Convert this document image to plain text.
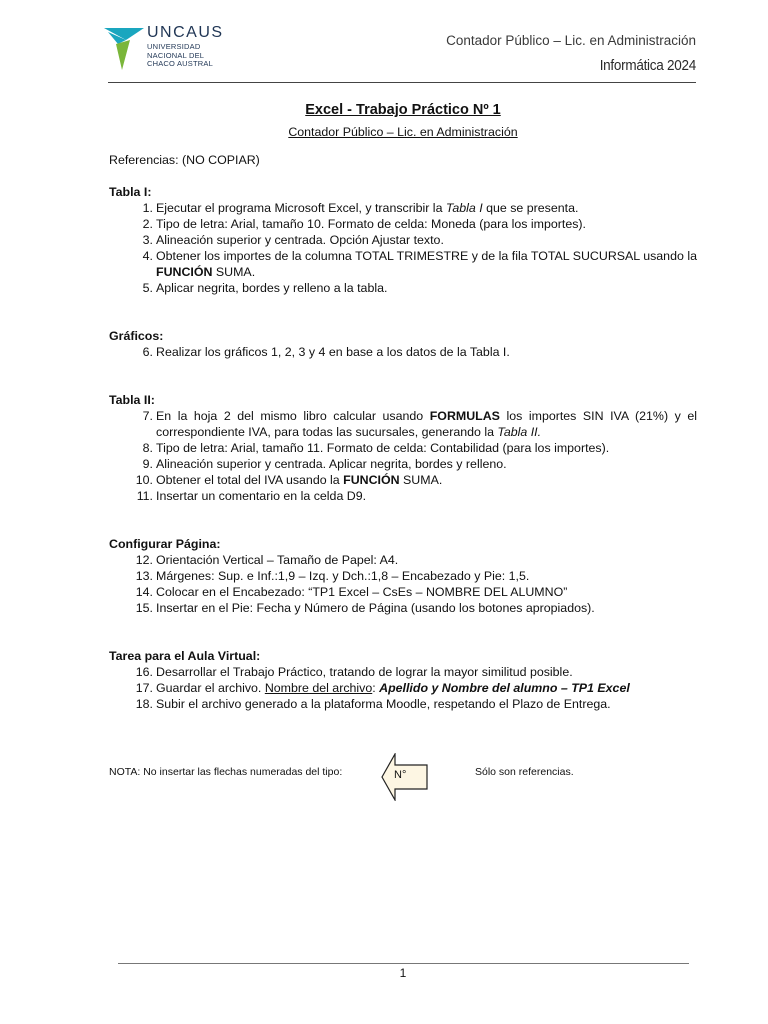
UNCAUS
UNIVERSIDAD
NACIONAL DEL
CHACO AUSTRAL
Contador Público – Lic. en Administración
Informática 2024
Excel - Trabajo Práctico Nº 1
Contador Público – Lic. en Administración
Referencias: (NO COPIAR)
Tabla I:
1. Ejecutar el programa Microsoft Excel, y transcribir la Tabla I que se presenta.
2. Tipo de letra: Arial, tamaño 10. Formato de celda: Moneda (para los importes).
3. Alineación superior y centrada. Opción Ajustar texto.
4. Obtener los importes de la columna TOTAL TRIMESTRE y de la fila TOTAL SUCURSAL usando la FUNCIÓN SUMA.
5. Aplicar negrita, bordes y relleno a la tabla.
Gráficos:
6. Realizar los gráficos 1, 2, 3 y 4 en base a los datos de la Tabla I.
Tabla II:
7. En la hoja 2 del mismo libro calcular usando FORMULAS los importes SIN IVA (21%) y el correspondiente IVA, para todas las sucursales, generando la Tabla II.
8. Tipo de letra: Arial, tamaño 11. Formato de celda: Contabilidad (para los importes).
9. Alineación superior y centrada. Aplicar negrita, bordes y relleno.
10. Obtener el total del IVA usando la FUNCIÓN SUMA.
11. Insertar un comentario en la celda D9.
Configurar Página:
12. Orientación Vertical – Tamaño de Papel: A4.
13. Márgenes: Sup. e Inf.:1,9 – Izq. y Dch.:1,8 – Encabezado y Pie: 1,5.
14. Colocar en el Encabezado: “TP1 Excel – CsEs – NOMBRE DEL ALUMNO”
15. Insertar en el Pie: Fecha y Número de Página (usando los botones apropiados).
Tarea para el Aula Virtual:
16. Desarrollar el Trabajo Práctico, tratando de lograr la mayor similitud posible.
17. Guardar el archivo. Nombre del archivo: Apellido y Nombre del alumno – TP1 Excel
18. Subir el archivo generado a la plataforma Moodle, respetando el Plazo de Entrega.
NOTA: No insertar las flechas numeradas del tipo:	N°	Sólo son referencias.
1
